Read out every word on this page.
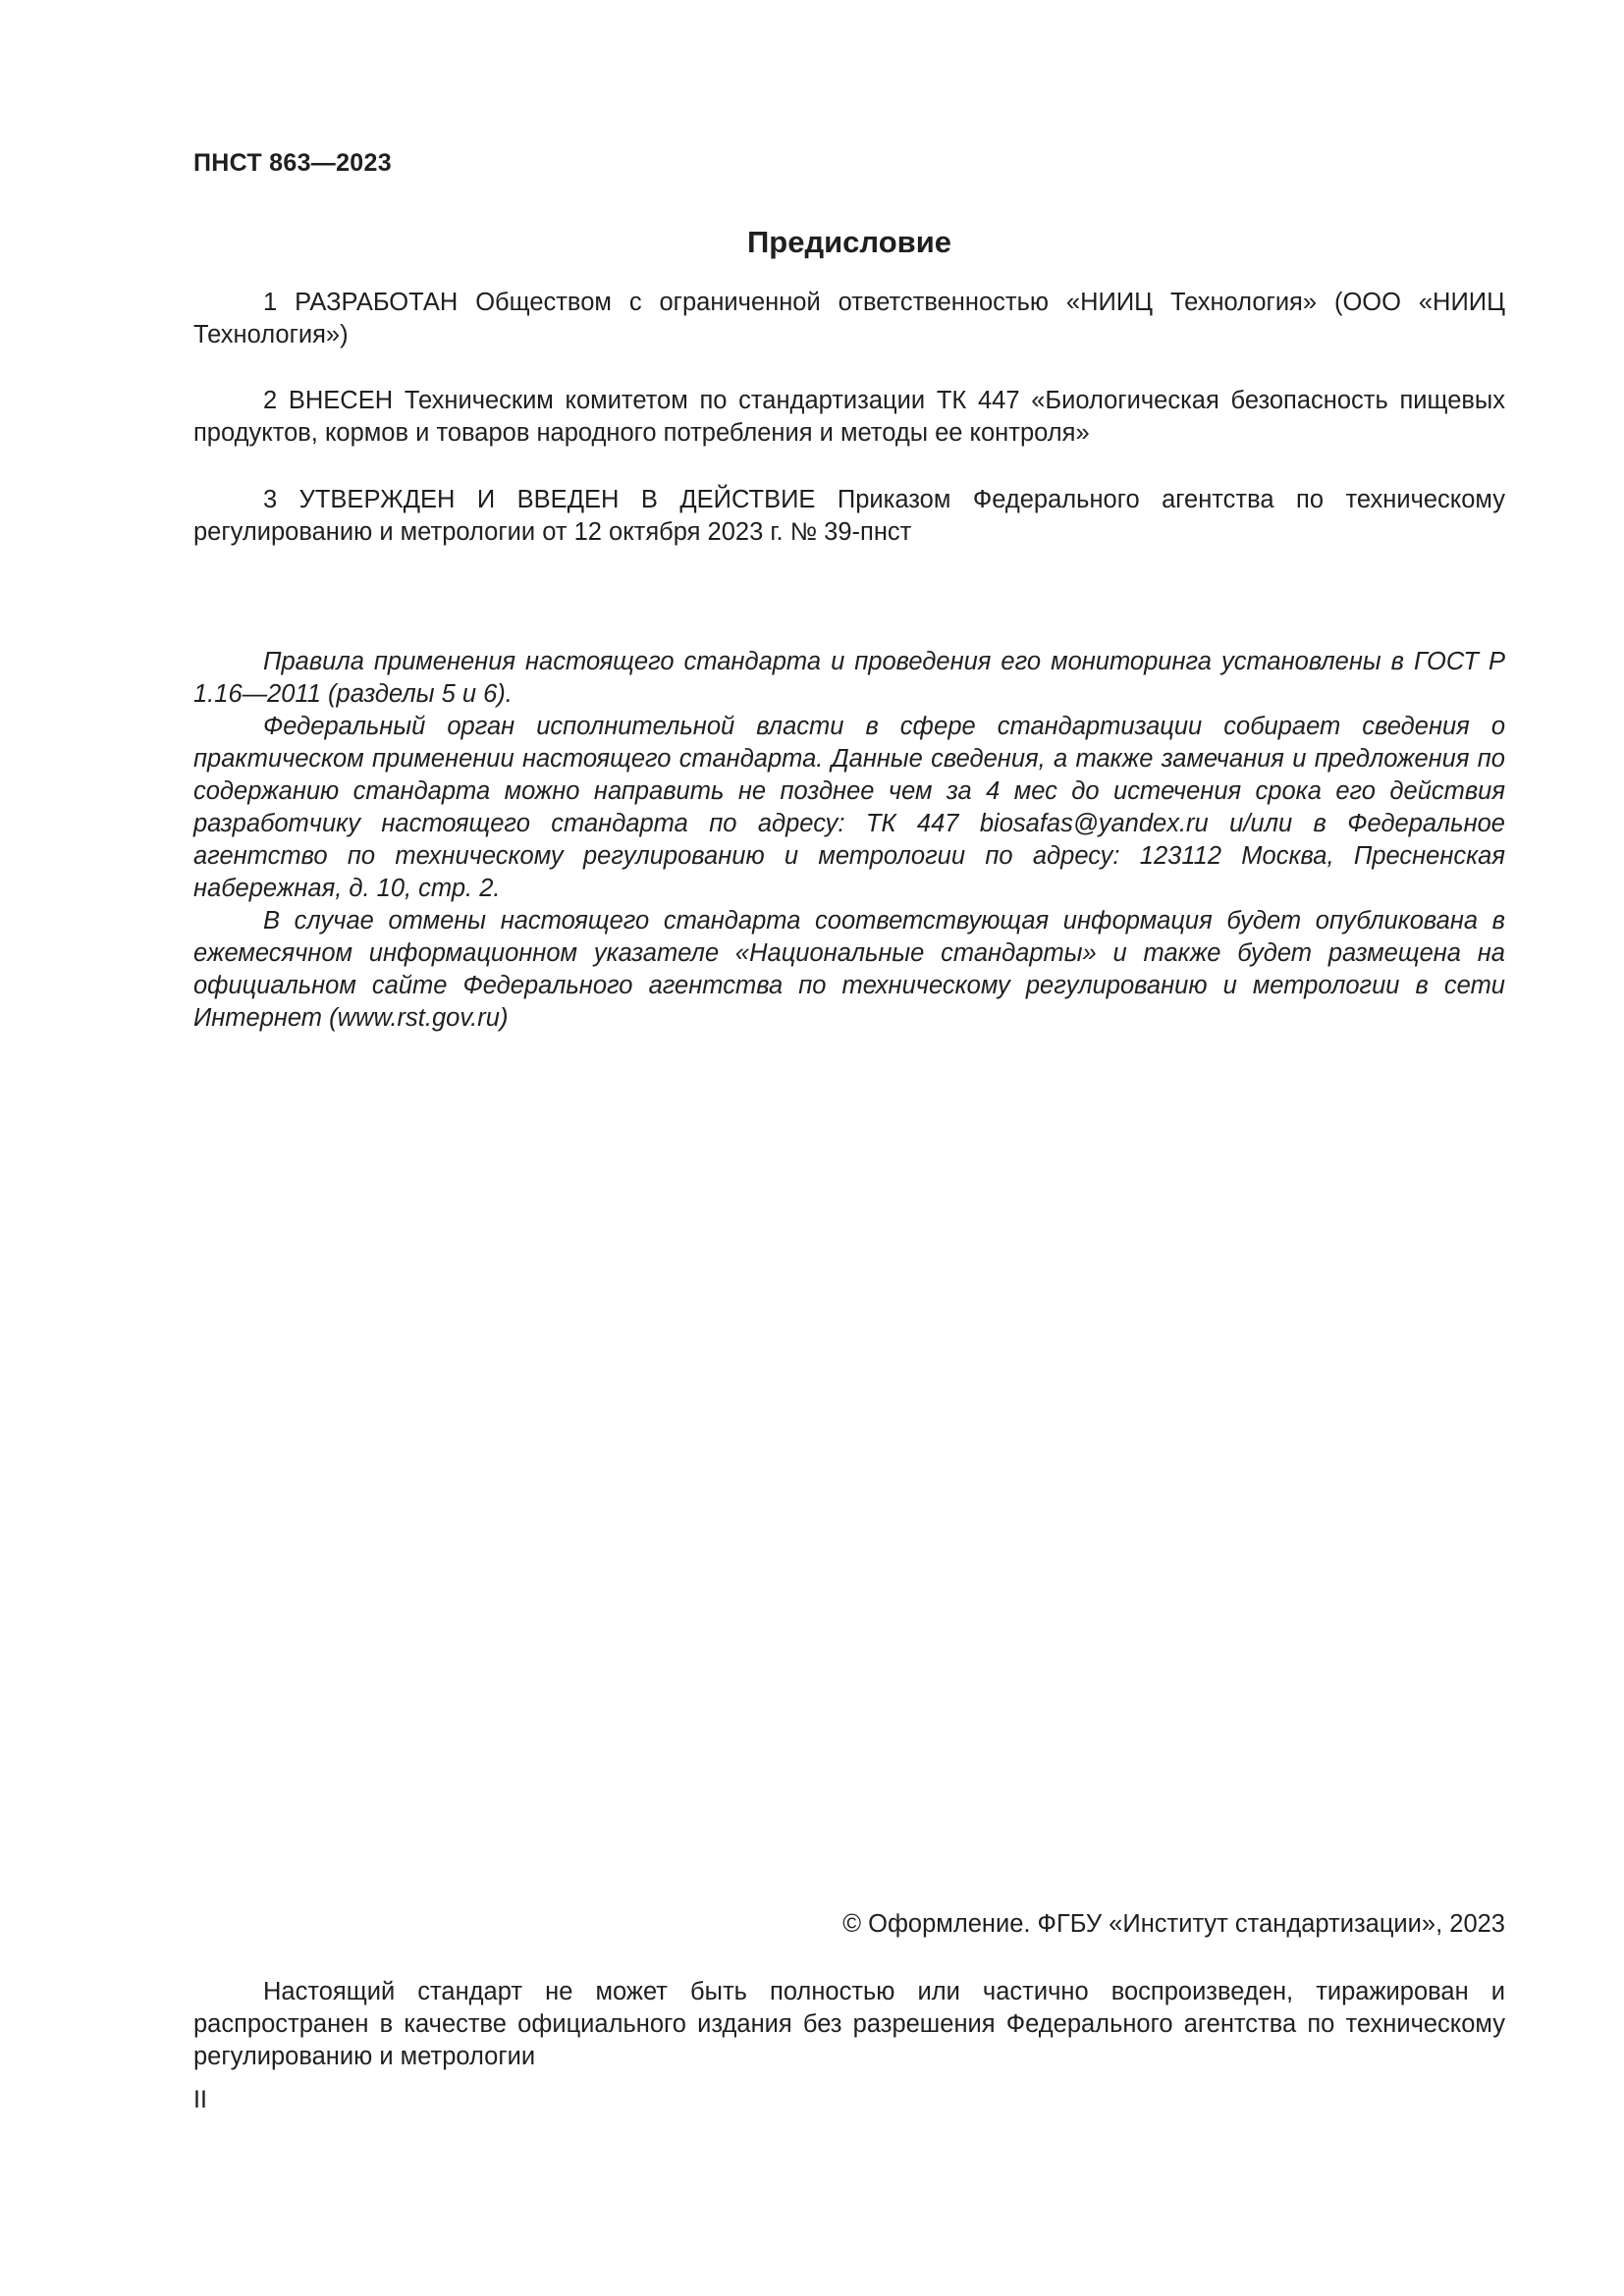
ПНСТ 863—2023
Предисловие

1 РАЗРАБОТАН Обществом с ограниченной ответственностью «НИИЦ Технология» (ООО «НИИЦ Технология»)

2 ВНЕСЕН Техническим комитетом по стандартизации ТК 447 «Биологическая безопасность пищевых продуктов, кормов и товаров народного потребления и методы ее контроля»

3 УТВЕРЖДЕН И ВВЕДЕН В ДЕЙСТВИЕ Приказом Федерального агентства по техническому регулированию и метрологии от 12 октября 2023 г. № 39-пнст

Правила применения настоящего стандарта и проведения его мониторинга установлены в ГОСТ Р 1.16—2011 (разделы 5 и 6).

Федеральный орган исполнительной власти в сфере стандартизации собирает сведения о практическом применении настоящего стандарта. Данные сведения, а также замечания и предложения по содержанию стандарта можно направить не позднее чем за 4 мес до истечения срока его действия разработчику настоящего стандарта по адресу: ТК 447 biosafas@yandex.ru и/или в Федеральное агентство по техническому регулированию и метрологии по адресу: 123112 Москва, Пресненская набережная, д. 10, стр. 2.

В случае отмены настоящего стандарта соответствующая информация будет опубликована в ежемесячном информационном указателе «Национальные стандарты» и также будет размещена на официальном сайте Федерального агентства по техническому регулированию и метрологии в сети Интернет (www.rst.gov.ru)

© Оформление. ФГБУ «Институт стандартизации», 2023

Настоящий стандарт не может быть полностью или частично воспроизведен, тиражирован и распространен в качестве официального издания без разрешения Федерального агентства по техническому регулированию и метрологии

II
